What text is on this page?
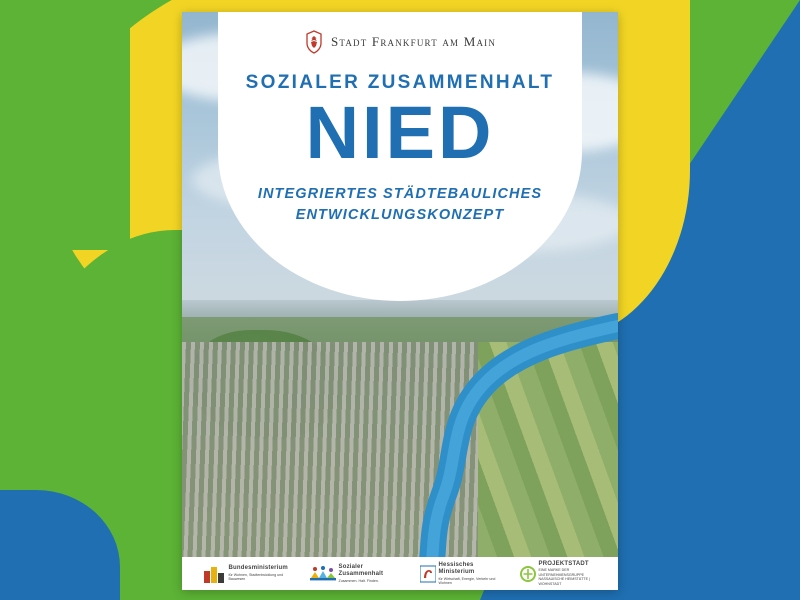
Stadt Frankfurt am Main
SOZIALER ZUSAMMENHALT
NIED
INTEGRIERTES STÄDTEBAULICHES
ENTWICKLUNGSKONZEPT
Bundesministerium
für Wohnen, Stadtentwicklung und Bauwesen
Sozialer Zusammenhalt
Zusammen. Halt. Finden.
Hessisches Ministerium
für Wirtschaft, Energie, Verkehr und Wohnen
PROJEKTSTADT
EINE MARKE DER UNTERNEHMENSGRUPPE NASSAUISCHE HEIMSTÄTTE | WOHNSTADT
